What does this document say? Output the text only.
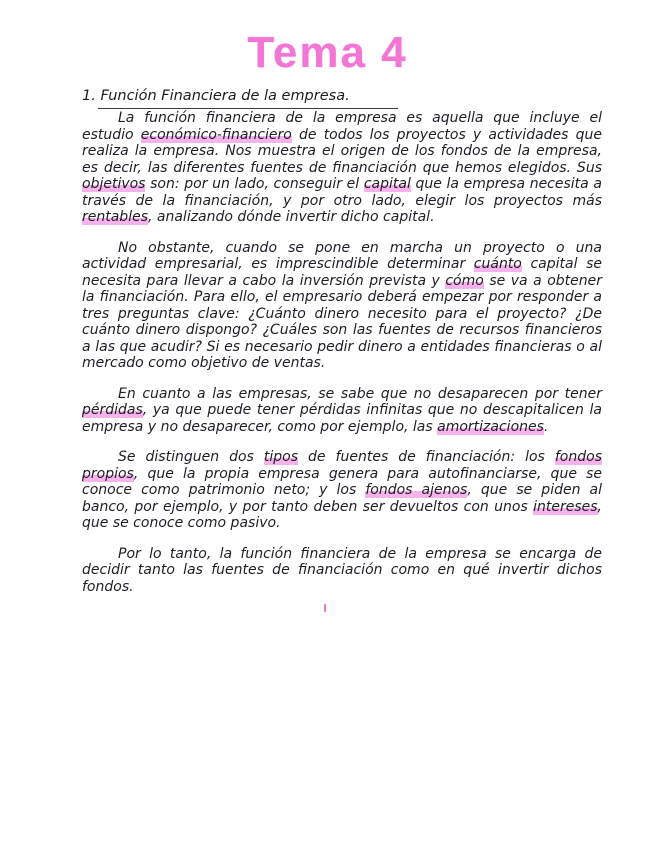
Tema 4
1. Función Financiera de la empresa.

La función financiera de la empresa es aquella que incluye el estudio económico-financiero de todos los proyectos y actividades que realiza la empresa. Nos muestra el origen de los fondos de la empresa, es decir, las diferentes fuentes de financiación que hemos elegidos. Sus objetivos son: por un lado, conseguir el capital que la empresa necesita a través de la financiación, y por otro lado, elegir los proyectos más rentables, analizando dónde invertir dicho capital.

No obstante, cuando se pone en marcha un proyecto o una actividad empresarial, es imprescindible determinar cuánto capital se necesita para llevar a cabo la inversión prevista y cómo se va a obtener la financiación. Para ello, el empresario deberá empezar por responder a tres preguntas clave: ¿Cuánto dinero necesito para el proyecto? ¿De cuánto dinero dispongo? ¿Cuáles son las fuentes de recursos financieros a las que acudir? Si es necesario pedir dinero a entidades financieras o al mercado como objetivo de ventas.

En cuanto a las empresas, se sabe que no desaparecen por tener pérdidas, ya que puede tener pérdidas infinitas que no descapitalicen la empresa y no desaparecer, como por ejemplo, las amortizaciones.

Se distinguen dos tipos de fuentes de financiación: los fondos propios, que la propia empresa genera para autofinanciarse, que se conoce como patrimonio neto; y los fondos ajenos, que se piden al banco, por ejemplo, y por tanto deben ser devueltos con unos intereses, que se conoce como pasivo.

Por lo tanto, la función financiera de la empresa se encarga de decidir tanto las fuentes de financiación como en qué invertir dichos fondos.
